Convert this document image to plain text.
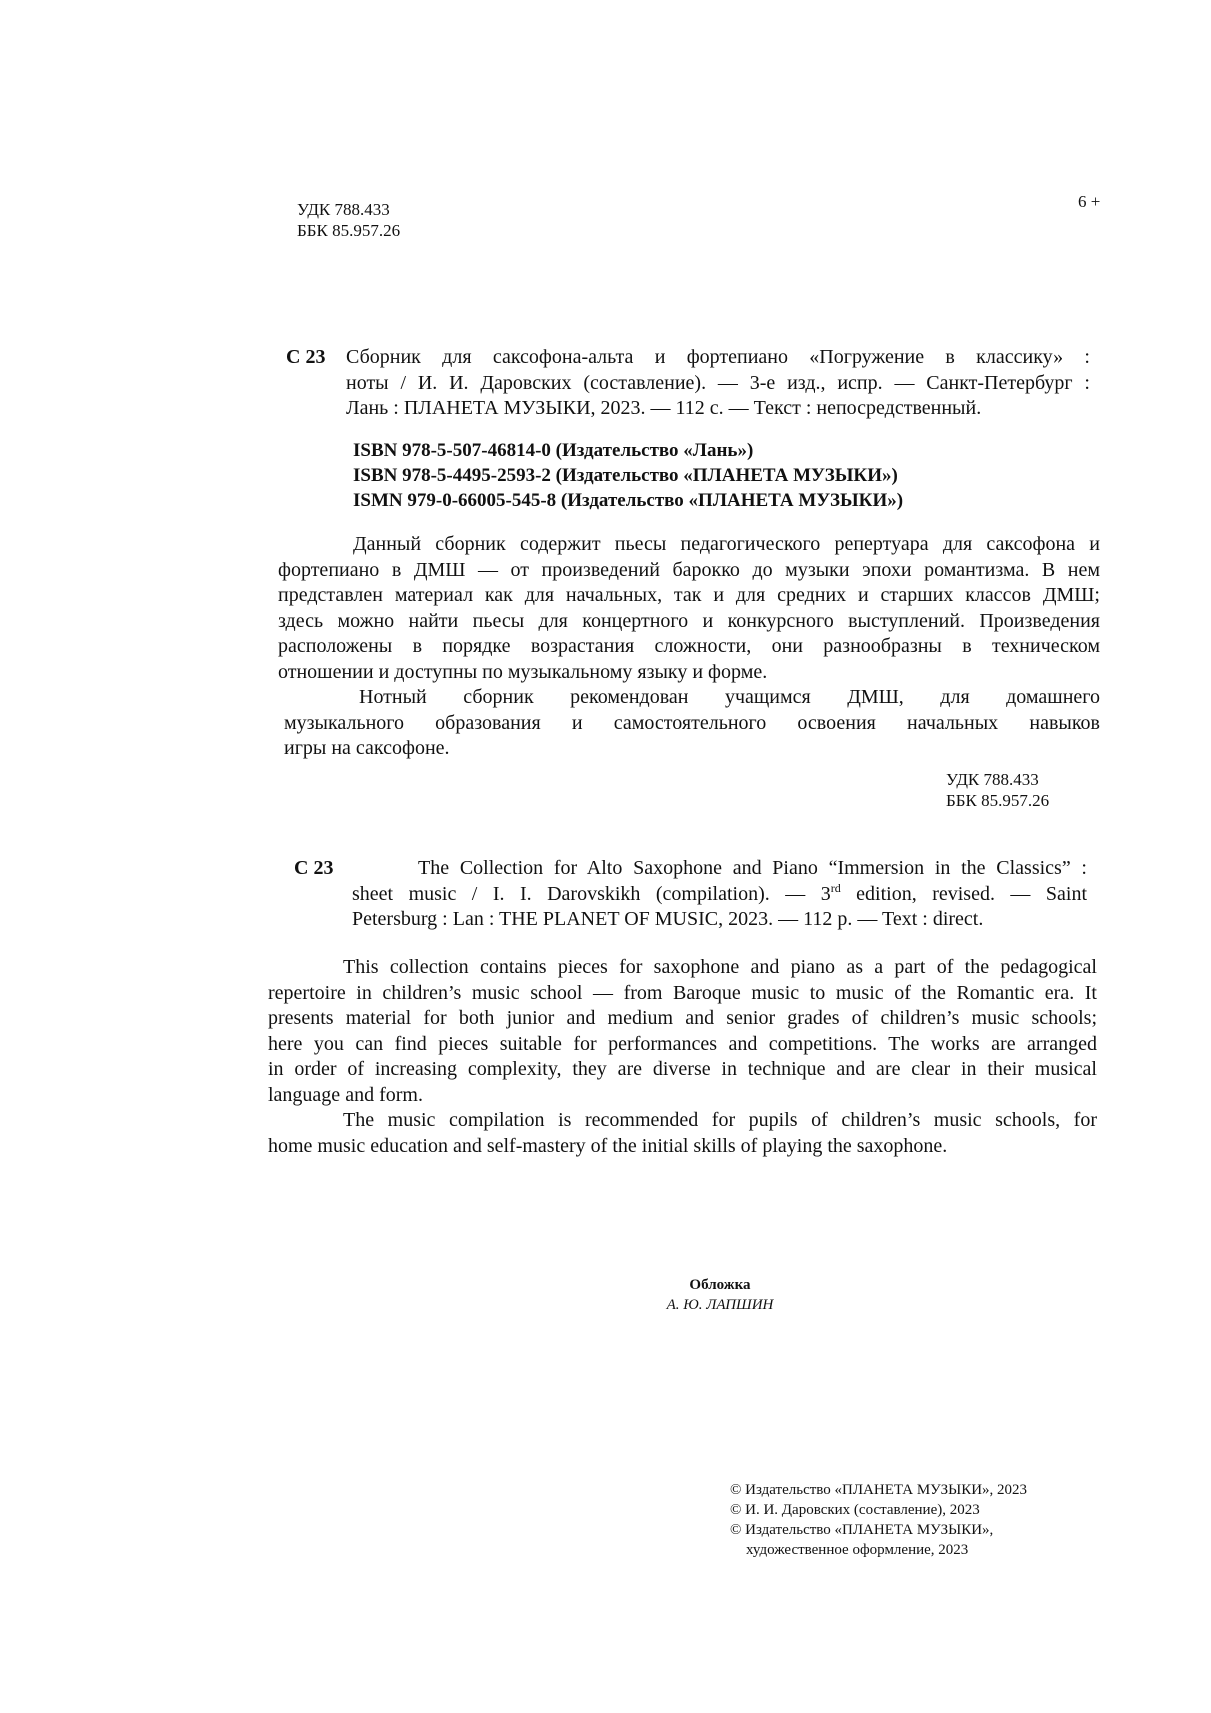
УДК 788.433
ББК 85.957.26
6 +
С 23 Сборник для саксофона-альта и фортепиано «Погружение в классику» :
ноты / И. И. Даровских (составление). — 3-е изд., испр. — Санкт-Петербург :
Лань : ПЛАНЕТА МУЗЫКИ, 2023. — 112 с. — Текст : непосредственный.
ISBN 978-5-507-46814-0 (Издательство «Лань»)
ISBN 978-5-4495-2593-2 (Издательство «ПЛАНЕТА МУЗЫКИ»)
ISMN 979-0-66005-545-8 (Издательство «ПЛАНЕТА МУЗЫКИ»)
Данный сборник содержит пьесы педагогического репертуара для саксофона и
фортепиано в ДМШ — от произведений барокко до музыки эпохи романтизма. В нем
представлен материал как для начальных, так и для средних и старших классов ДМШ;
здесь можно найти пьесы для концертного и конкурсного выступлений. Произведения
расположены в порядке возрастания сложности, они разнообразны в техническом
отношении и доступны по музыкальному языку и форме.
Нотный сборник рекомендован учащимся ДМШ, для домашнего
музыкального образования и самостоятельного освоения начальных навыков
игры на саксофоне.
УДК 788.433
ББК 85.957.26
С 23	The Collection for Alto Saxophone and Piano “Immersion in the Classics” :
sheet music / I. I. Darovskikh (compilation). — 3rd edition, revised. — Saint
Petersburg : Lan : THE PLANET OF MUSIC, 2023. — 112 p. — Text : direct.
This collection contains pieces for saxophone and piano as a part of the pedagogical
repertoire in children’s music school — from Baroque music to music of the Romantic era. It
presents material for both junior and medium and senior grades of children’s music schools;
here you can find pieces suitable for performances and competitions. The works are arranged
in order of increasing complexity, they are diverse in technique and are clear in their musical
language and form.
The music compilation is recommended for pupils of children’s music schools, for
home music education and self-mastery of the initial skills of playing the saxophone.
Обложка
А. Ю. ЛАПШИН
© Издательство «ПЛАНЕТА МУЗЫКИ», 2023
© И. И. Даровских (составление), 2023
© Издательство «ПЛАНЕТА МУЗЫКИ»,
художественное оформление, 2023
